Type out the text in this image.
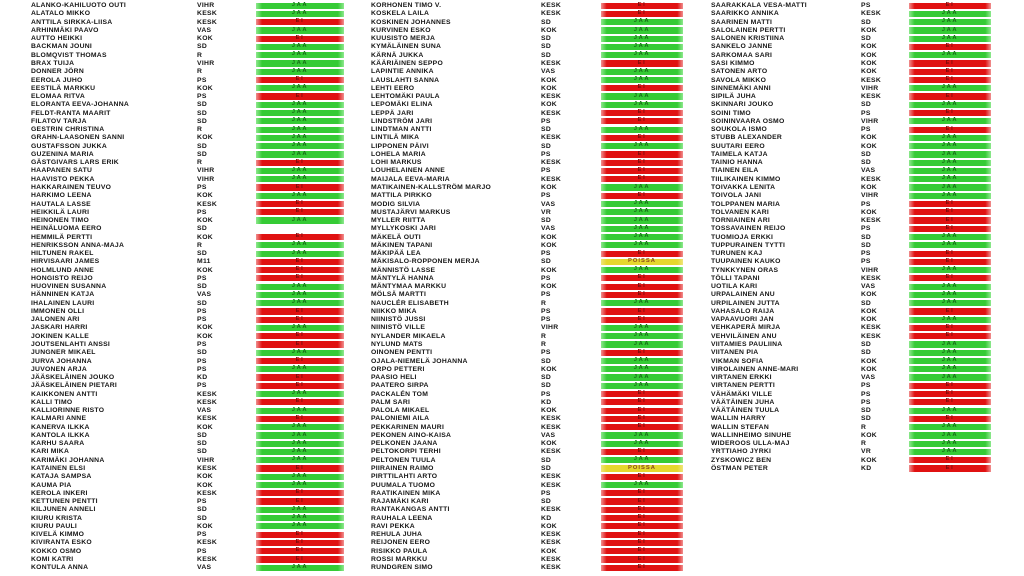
ALANKO-KAHILUOTO OUTI	VIHR	JAA
ALATALO MIKKO	KESK	JAA
ANTTILA SIRKKA-LIISA	KESK	EI
ARHINMÄKI PAAVO	VAS	JAA
AUTTO HEIKKI	KOK	EI
BACKMAN JOUNI	SD	JAA
BLOMQVIST THOMAS	R	JAA
BRAX TUIJA	VIHR	JAA
DONNER JÖRN	R	JAA
EEROLA JUHO	PS	EI
EESTILÄ MARKKU	KOK	JAA
ELOMAA RITVA	PS	EI
ELORANTA EEVA-JOHANNA	SD	JAA
FELDT-RANTA MAARIT	SD	JAA
FILATOV TARJA	SD	JAA
GESTRIN CHRISTINA	R	JAA
GRAHN-LAASONEN SANNI	KOK	JAA
GUSTAFSSON JUKKA	SD	JAA
GUZENINA MARIA	SD	JAA
GÄSTGIVARS LARS ERIK	R	EI
HAAPANEN SATU	VIHR	JAA
HAAVISTO PEKKA	VIHR	JAA
HAKKARAINEN TEUVO	PS	EI
HARKIMO LEENA	KOK	JAA
HAUTALA LASSE	KESK	EI
HEIKKILÄ LAURI	PS	EI
HEINONEN TIMO	KOK	JAA
HEINÄLUOMA EERO	SD
HEMMILÄ PERTTI	KOK	EI
HENRIKSSON ANNA-MAJA	R	JAA
HILTUNEN RAKEL	SD	JAA
HIRVISAARI JAMES	M11	EI
HOLMLUND ANNE	KOK	EI
HONGISTO REIJO	PS	EI
HUOVINEN SUSANNA	SD	JAA
HÄNNINEN KATJA	VAS	JAA
IHALAINEN LAURI	SD	JAA
IMMONEN OLLI	PS	EI
JALONEN ARI	PS	EI
JASKARI HARRI	KOK	JAA
JOKINEN KALLE	KOK	EI
JOUTSENLAHTI ANSSI	PS	EI
JUNGNER MIKAEL	SD	JAA
JURVA JOHANNA	PS	EI
JUVONEN ARJA	PS	JAA
JÄÄSKELÄINEN JOUKO	KD	EI
JÄÄSKELÄINEN PIETARI	PS	EI
KAIKKONEN ANTTI	KESK	JAA
KALLI TIMO	KESK	EI
KALLIORINNE RISTO	VAS	JAA
KALMARI ANNE	KESK	EI
KANERVA ILKKA	KOK	JAA
KANTOLA ILKKA	SD	JAA
KARHU SAARA	SD	JAA
KARI MIKA	SD	JAA
KARIMÄKI JOHANNA	VIHR	JAA
KATAINEN ELSI	KESK	EI
KATAJA SAMPSA	KOK	JAA
KAUMA PIA	KOK	JAA
KEROLA INKERI	KESK	EI
KETTUNEN PENTTI	PS	EI
KILJUNEN ANNELI	SD	JAA
KIURU KRISTA	SD	JAA
KIURU PAULI	KOK	JAA
KIVELÄ KIMMO	PS	EI
KIVIRANTA ESKO	KESK	EI
KOKKO OSMO	PS	EI
KOMI KATRI	KESK	EI
KONTULA ANNA	VAS	JAA
KORHONEN TIMO V.	KESK	EI
KOSKELA LAILA	KESK	EI
KOSKINEN JOHANNES	SD	JAA
KURVINEN ESKO	KOK	JAA
KUUSISTO MERJA	SD	JAA
KYMÄLÄINEN SUNA	SD	JAA
KÄRNÄ JUKKA	SD	JAA
KÄÄRIÄINEN SEPPO	KESK	EI
LAPINTIE ANNIKA	VAS	JAA
LAUSLAHTI SANNA	KOK	JAA
LEHTI EERO	KOK	EI
LEHTOMÄKI PAULA	KESK	JAA
LEPOMÄKI ELINA	KOK	JAA
LEPPÄ JARI	KESK	EI
LINDSTRÖM JARI	PS	EI
LINDTMAN ANTTI	SD	JAA
LINTILÄ MIKA	KESK	EI
LIPPONEN PÄIVI	SD	JAA
LOHELA MARIA	PS	EI
LOHI MARKUS	KESK	EI
LOUHELAINEN ANNE	PS	EI
MAIJALA EEVA-MARIA	KESK	EI
MATIKAINEN-KALLSTRÖM MARJO	KOK	JAA
MATTILA PIRKKO	PS	EI
MODIG SILVIA	VAS	JAA
MUSTAJÄRVI MARKUS	VR	JAA
MYLLER RIITTA	SD	JAA
MYLLYKOSKI JARI	VAS	JAA
MÄKELÄ OUTI	KOK	JAA
MÄKINEN TAPANI	KOK	JAA
MÄKIPÄÄ LEA	PS	EI
MÄKISALO-ROPPONEN MERJA	SD	POISSA
MÄNNISTÖ LASSE	KOK	JAA
MÄNTYLÄ HANNA	PS	EI
MÄNTYMAA MARKKU	KOK	EI
MÖLSÄ MARTTI	PS	EI
NAUCLÉR ELISABETH	R	JAA
NIIKKO MIKA	PS	EI
NIINISTÖ JUSSI	PS	EI
NIINISTÖ VILLE	VIHR	JAA
NYLANDER MIKAELA	R	JAA
NYLUND MATS	R	JAA
OINONEN PENTTI	PS	EI
OJALA-NIEMELÄ JOHANNA	SD	JAA
ORPO PETTERI	KOK	JAA
PAASIO HELI	SD	JAA
PAATERO SIRPA	SD	JAA
PACKALÉN TOM	PS	EI
PALM SARI	KD	EI
PALOLA MIKAEL	KOK	EI
PALONIEMI AILA	KESK	EI
PEKKARINEN MAURI	KESK	EI
PEKONEN AINO-KAISA	VAS	JAA
PELKONEN JAANA	KOK	JAA
PELTOKORPI TERHI	KESK	EI
PELTONEN TUULA	SD	JAA
PIIRAINEN RAIMO	SD	POISSA
PIRTTILAHTI ARTO	KESK	EI
PUUMALA TUOMO	KESK	JAA
RAATIKAINEN MIKA	PS	EI
RAJAMÄKI KARI	SD	EI
RANTAKANGAS ANTTI	KESK	EI
RAUHALA LEENA	KD	EI
RAVI PEKKA	KOK	EI
REHULA JUHA	KESK	EI
REIJONEN EERO	KESK	EI
RISIKKO PAULA	KOK	EI
ROSSI MARKKU	KESK	EI
RUNDGREN SIMO	KESK	EI
SAARAKKALA VESA-MATTI	PS	EI
SAARIKKO ANNIKA	KESK	JAA
SAARINEN MATTI	SD	JAA
SALOLAINEN PERTTI	KOK	JAA
SALONEN KRISTIINA	SD	JAA
SANKELO JANNE	KOK	EI
SARKOMAA SARI	KOK	JAA
SASI KIMMO	KOK	EI
SATONEN ARTO	KOK	EI
SAVOLA MIKKO	KESK	EI
SINNEMÄKI ANNI	VIHR	JAA
SIPILÄ JUHA	KESK	EI
SKINNARI JOUKO	SD	JAA
SOINI TIMO	PS	EI
SOININVAARA OSMO	VIHR	JAA
SOUKOLA ISMO	PS	EI
STUBB ALEXANDER	KOK	JAA
SUUTARI EERO	KOK	JAA
TAIMELA KATJA	SD	JAA
TAINIO HANNA	SD	JAA
TIAINEN EILA	VAS	JAA
TIILIKAINEN KIMMO	KESK	JAA
TOIVAKKA LENITA	KOK	JAA
TOIVOLA JANI	VIHR	JAA
TOLPPANEN MARIA	PS	EI
TOLVANEN KARI	KOK	EI
TORNIAINEN ARI	KESK	EI
TOSSAVAINEN REIJO	PS	EI
TUOMIOJA ERKKI	SD	JAA
TUPPURAINEN TYTTI	SD	JAA
TURUNEN KAJ	PS	EI
TUUPAINEN KAUKO	PS	EI
TYNKKYNEN ORAS	VIHR	JAA
TÖLLI TAPANI	KESK	EI
UOTILA KARI	VAS	JAA
URPALAINEN ANU	KOK	JAA
URPILAINEN JUTTA	SD	JAA
VAHASALO RAIJA	KOK	EI
VAPAAVUORI JAN	KOK	JAA
VEHKAPERÄ MIRJA	KESK	EI
VEHVILÄINEN ANU	KESK	EI
VIITAMIES PAULIINA	SD	JAA
VIITANEN PIA	SD	JAA
VIKMAN SOFIA	KOK	JAA
VIROLAINEN ANNE-MARI	KOK	JAA
VIRTANEN ERKKI	VAS	JAA
VIRTANEN PERTTI	PS	EI
VÄHÄMÄKI VILLE	PS	EI
VÄÄTÄINEN JUHA	PS	EI
VÄÄTÄINEN TUULA	SD	JAA
WALLIN HARRY	SD	EI
WALLIN STEFAN	R	JAA
WALLINHEIMO SINUHE	KOK	JAA
WIDEROOS ULLA-MAJ	R	JAA
YRTTIAHO JYRKI	VR	JAA
ZYSKOWICZ BEN	KOK	EI
ÖSTMAN PETER	KD	EI
